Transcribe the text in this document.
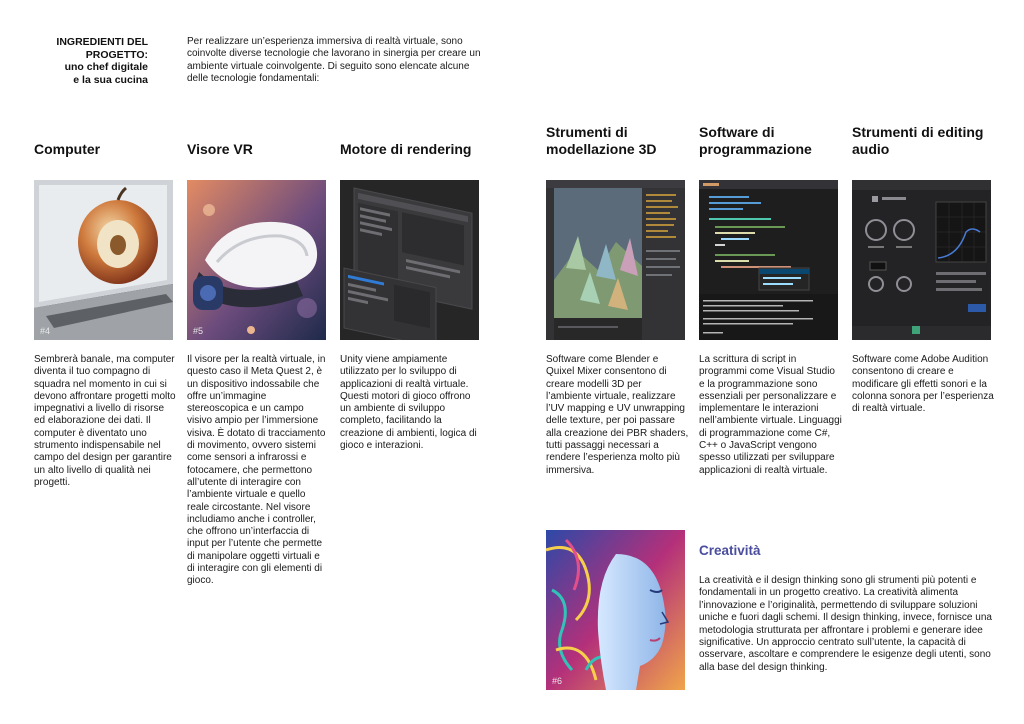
INGREDIENTI DEL
PROGETTO:
uno chef digitale
e la sua cucina
Per realizzare un’esperienza immersiva di realtà virtuale, sono coinvolte diverse tecnologie che lavorano in sinergia per creare un ambiente virtuale coinvolgente. Di seguito sono elencate alcune delle tecnologie fondamentali:
Computer	Visore VR	Motore di rendering
Strumenti di modellazione 3D
Software di programmazione
Strumenti di editing audio
#4	#5
Sembrerà banale, ma computer diventa il tuo compagno di squadra nel momento in cui si devono affrontare progetti molto impegnativi a livello di risorse ed elaborazione dei dati. Il computer è diventato uno strumento indispensabile nel campo del design per garantire un alto livello di qualità nei progetti.
Il visore per la realtà virtuale, in questo caso il Meta Quest 2, è un dispositivo indossabile che offre un’immagine stereoscopica e un campo visivo ampio per l’immersione visiva. È dotato di tracciamento di movimento, ovvero sistemi come sensori a infrarossi e fotocamere, che permettono all’utente di interagire con l’ambiente virtuale e quello reale circostante. Nel visore includiamo anche i controller, che offrono un’interfaccia di input per l’utente che permette di manipolare oggetti virtuali e di interagire con gli elementi di gioco.
Unity viene ampiamente utilizzato per lo sviluppo di applicazioni di realtà virtuale. Questi motori di gioco offrono un ambiente di sviluppo completo, facilitando la creazione di ambienti, logica di gioco e interazioni.
Software come Blender e Quixel Mixer consentono di creare modelli 3D per l’ambiente virtuale, realizzare l’UV mapping e UV unwrapping delle texture, per poi passare alla creazione dei PBR shaders, tutti passaggi necessari a rendere l’esperienza molto più immersiva.
La scrittura di script in programmi come Visual Studio e la programmazione sono essenziali per personalizzare e implementare le interazioni nell’ambiente virtuale. Linguaggi di programmazione come C#, C++ o JavaScript vengono spesso utilizzati per sviluppare applicazioni di realtà virtuale.
Software come Adobe Audition consentono di creare e modificare gli effetti sonori e la colonna sonora per l’esperienza di realtà virtuale.
#6
Creatività
La creatività e il design thinking sono gli strumenti più potenti e fondamentali in un progetto creativo. La creatività alimenta l’innovazione e l’originalità, permettendo di sviluppare soluzioni uniche e fuori dagli schemi. Il design thinking, invece, fornisce una metodologia strutturata per affrontare i problemi e generare idee significative. Un approccio centrato sull’utente, la capacità di osservare, ascoltare e comprendere le esigenze degli utenti, sono alla base del design thinking.
